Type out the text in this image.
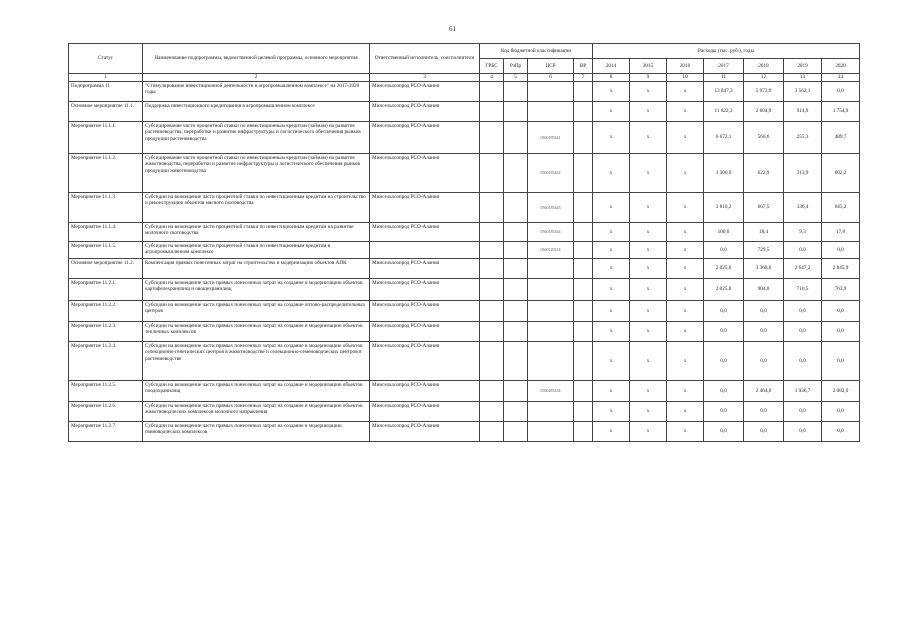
61
Статус	Наименование подпрограммы, ведомственной целевой программы, основного мероприятия	Ответственный исполнитель, соисполнители	Код бюджетной классификации				Расходы (тыс. руб.), годы						
			ГРБС	РзПр	ЦСР	ВР	2014	2015	2016	2017	2018	2019	2020
1	2	3	4	5	6	7	8	9	10	11	12	13	14
Подпрограмма 11	"Стимулирование инвестиционной деятельности в агропромышленном комплексе" на 2017-2020 годы	Минсельхозпрод РСО-Алания					x	x	x	13 847,3	5 972,9	3 562,1	0,0
Основное мероприятие 11.1.	Поддержка инвестиционного кредитования в агропромышленном комплексе	Минсельхозпрод РСО-Алания					x	x	x	11 822,3	2 604,9	914,9	1 754,9
Мероприятие 11.1.1.	Субсидирование части процентной ставки по инвестиционным кредитам (займам) на развитие растениеводства, переработки и развитие инфраструктуры и логистического обеспечения рынков продукции растениеводства	Минсельхозпрод РСО-Алания			0560185441		x	x	x	6 672,1	566,6	255,3	489,7
Мероприятие 11.1.2.	Субсидирование части процентной ставки по инвестиционным кредитам (займам) на развитие животноводства, переработки и развитие инфраструктуры и логистического обеспечения рынков продукции животноводства	Минсельхозпрод РСО-Алания			0560185442		x	x	x	1 300,0	622,9	313,9	602,2
Мероприятие 11.1.3.	Субсидии на возмещение части процентной ставки по инвестиционным кредитам на строительство и реконструкцию объектов мясного скотоводства	Минсельхозпрод РСО-Алания			0560185443		x	x	x	3 810,2	667,5	336,4	645,2
Мероприятие 11.1.4.	Субсидии на возмещение части процентной ставки по инвестиционным кредитам на развитие молочного скотоводства	Минсельхозпрод РСО-Алания			0560185444		x	x	x	100,0	18,4	9,3	17,8
Мероприятие 11.1.5.	Субсидии на возмещение части процентной ставки по инвестиционным кредитам в агропромышленном комплексе				0560120234		x	x	x	0,0	729,5	0,0	0,0
Основное мероприятие 11.2.	Компенсация прямых понесенных затрат на строительство и модернизацию объектов АПК	Минсельхозпрод РСО-Алания					x	x	x	2 025,0	3 368,0	2 647,2	2 845,9
Мероприятие 11.2.1.	Субсидии на возмещение части прямых понесенных затрат на создание и модернизацию объектов картофелехранилищ и овощехранилищ	Минсельхозпрод РСО-Алания					x	x	x	2 025,0	904,0	710,5	763,9
Мероприятие 11.2.2.	Субсидии на возмещение части прямых понесенных затрат на создание оптово-распределительных центров	Минсельхозпрод РСО-Алания					x	x	x	0,0	0,0	0,0	0,0
Мероприятие 11.2.3.	Субсидии на возмещение части прямых понесенных затрат на создание и модернизацию объектов тепличных комплексов	Минсельхозпрод РСО-Алания					x	x	x	0,0	0,0	0,0	0,0
Мероприятие 11.2.4.	Субсидии на возмещение части прямых понесенных затрат на создание и модернизацию объектов селекционно-генетических центров в животноводстве и селекционно-семеноводческих центров в растениеводстве	Минсельхозпрод РСО-Алания					x	x	x	0,0	0,0	0,0	0,0
Мероприятие 11.2.5.	Субсидии на возмещение части прямых понесенных затрат на создание и модернизацию объектов плодохранилищ	Минсельхозпрод РСО-Алания			0560285434		x	x	x	0,0	2 464,0	1 936,7	2 082,0
Мероприятие 11.2.6.	Субсидии на возмещение части прямых понесенных затрат на создание и модернизацию объектов животноводческих комплексов молочного направления	Минсельхозпрод РСО-Алания					x	x	x	0,0	0,0	0,0	0,0
Мероприятие 11.2.7.	Субсидии на возмещение части прямых понесенных затрат на создание и модернизацию свиноводческих комплексов	Минсельхозпрод РСО-Алания					x	x	x	0,0	0,0	0,0	0,0
